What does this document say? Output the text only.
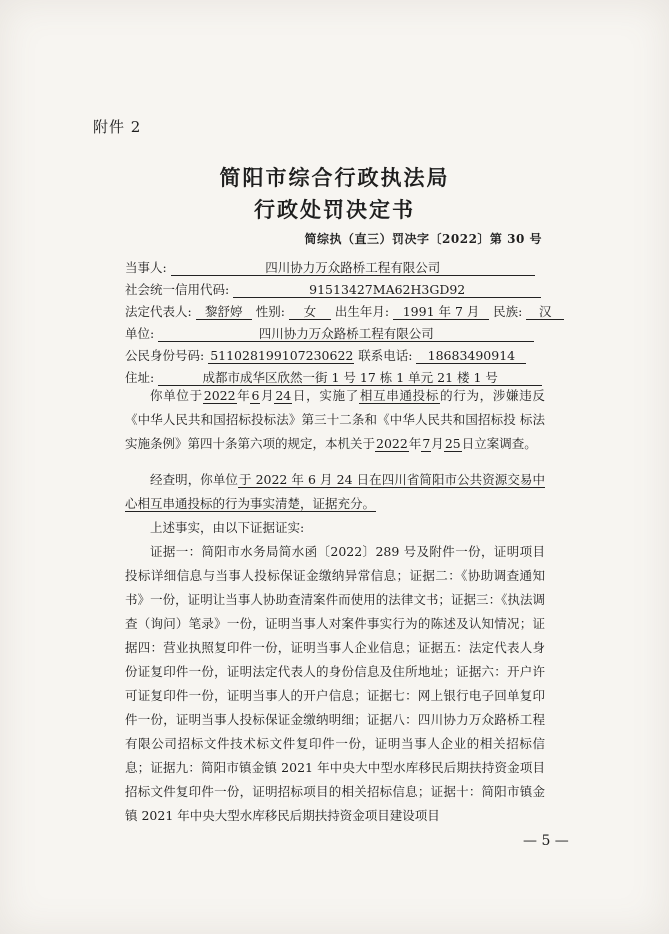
附件 2
简阳市综合行政执法局
行政处罚决定书
简综执（直三）罚决字〔2022〕第 30 号
当事人:	四川协力万众路桥工程有限公司
社会统一信用代码:	91513427MA62H3GD92
法定代表人: 黎舒婷 性别: 女 出生年月: 1991 年 7 月 民族: 汉
单位:	四川协力万众路桥工程有限公司
公民身份号码: 511028199107230622 联系电话: 18683490914
住址:	成都市成华区欣然一街 1 号 17 栋 1 单元 21 楼 1 号
你单位于2022年6月24日，实施了相互串通投标的行为，涉嫌违反《中华人民共和国招标投标法》第三十二条和《中华人民共和国招标投 标法实施条例》第四十条第六项的规定，本机关于2022年7月25日立案调查。
经查明，你单位于 2022 年 6 月 24 日在四川省简阳市公共资源交易中心相互串通投标的行为事实清楚，证据充分。
上述事实，由以下证据证实:
证据一：简阳市水务局简水函〔2022〕289 号及附件一份，证明项目投标详细信息与当事人投标保证金缴纳异常信息；证据二：《协助调查通知书》一份，证明让当事人协助查清案件而使用的法律文书；证据三：《执法调查（询问）笔录》一份，证明当事人对案件事实行为的陈述及认知情况；证据四：营业执照复印件一份，证明当事人企业信息；证据五：法定代表人身份证复印件一份，证明法定代表人的身份信息及住所地址；证据六：开户许可证复印件一份，证明当事人的开户信息；证据七：网上银行电子回单复印件一份，证明当事人投标保证金缴纳明细；证据八：四川协力万众路桥工程有限公司招标文件技术标文件复印件一份，证明当事人企业的相关招标信息；证据九：简阳市镇金镇 2021 年中央大中型水库移民后期扶持资金项目招标文件复印件一份，证明招标项目的相关招标信息；证据十：简阳市镇金镇 2021 年中央大型水库移民后期扶持资金项目建设项目
— 5 —
